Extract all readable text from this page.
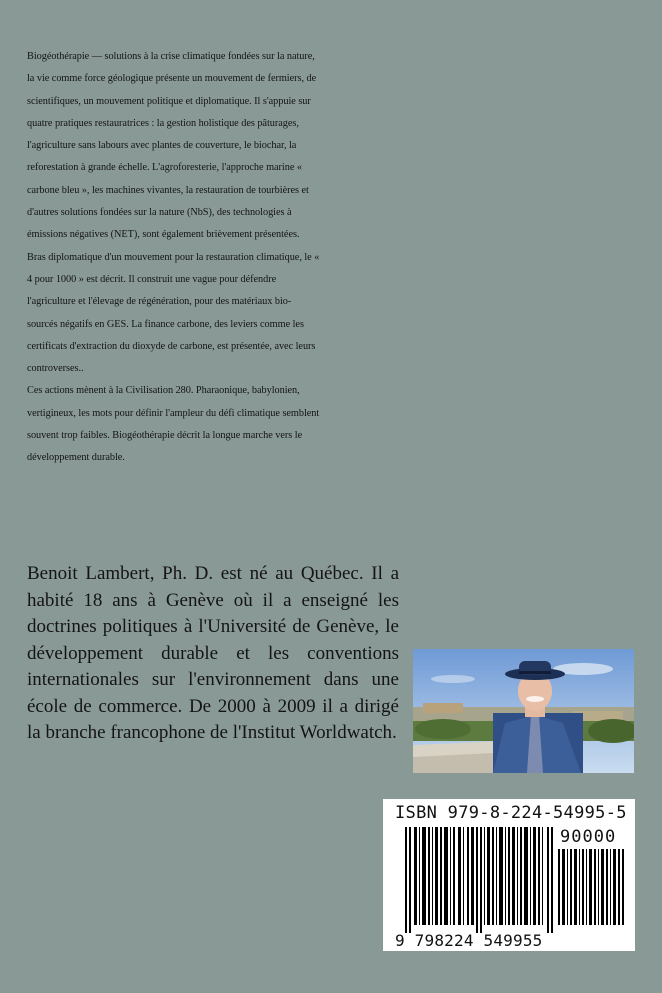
Biogéothérapie — solutions à la crise climatique fondées sur la nature,
la vie comme force géologique présente un mouvement de fermiers, de
scientifiques, un mouvement politique et diplomatique. Il s'appuie sur
quatre pratiques restauratrices : la gestion holistique des pâturages,
l'agriculture sans labours avec plantes de couverture, le biochar, la
reforestation à grande échelle. L'agroforesterie, l'approche marine «
carbone bleu », les machines vivantes, la restauration de tourbières et
d'autres solutions fondées sur la nature (NbS), des technologies à
émissions négatives (NET), sont également brièvement présentées.

Bras diplomatique d'un mouvement pour la restauration climatique, le «
4 pour 1000 » est décrit. Il construit une vague pour défendre
l'agriculture et l'élevage de régénération, pour des matériaux bio-
sourcés négatifs en GES. La finance carbone, des leviers comme les
certificats d'extraction du dioxyde de carbone, est présentée, avec leurs
controverses..

Ces actions mènent à la Civilisation 280. Pharaonique, babylonien,
vertigineux, les mots pour définir l'ampleur du défi climatique semblent
souvent trop faibles. Biogéothérapie décrit la longue marche vers le
développement durable.

Benoit Lambert, Ph. D. est né au Québec. Il a habité 18 ans à Genève où il a enseigné les doctrines politiques à l'Université de Genève, le développement durable et les conventions internationales sur l'environnement dans une école de commerce. De 2000 à 2009 il a dirigé la branche francophone de l'Institut Worldwatch.
ISBN 979-8-224-54995-5
90000
9 798224 549955
